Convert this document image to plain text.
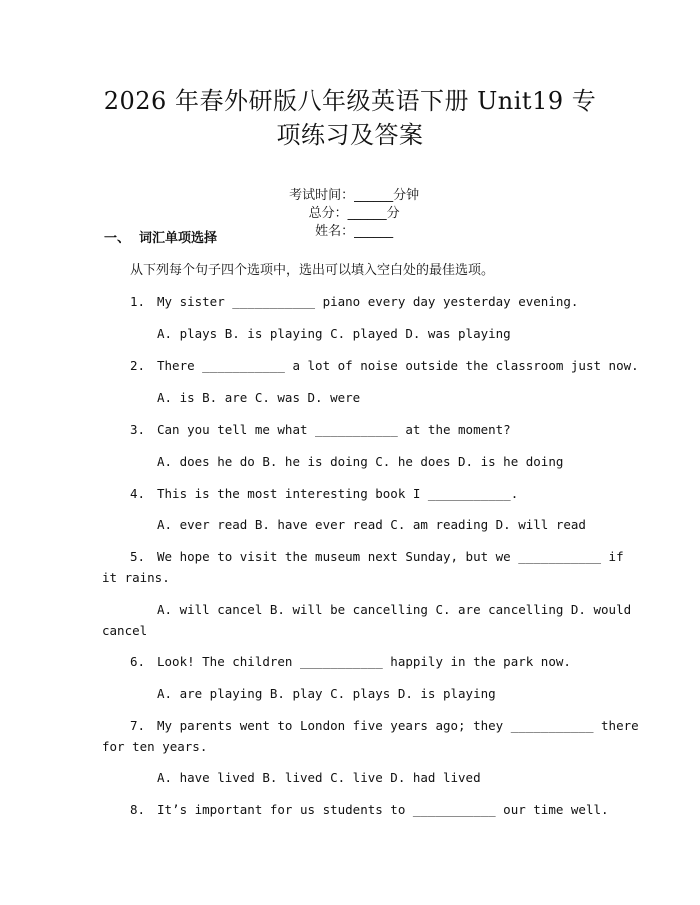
2026 年春外研版八年级英语下册 Unit19 专
项练习及答案

考试时间：______分钟
总分：______分
姓名：______

一、  词汇单项选择
从下列每个句子四个选项中，选出可以填入空白处的最佳选项。
1. My sister ___________ piano every day yesterday evening.
A. plays B. is playing C. played D. was playing
2. There ___________ a lot of noise outside the classroom just now.
A. is B. are C. was D. were
3. Can you tell me what ___________ at the moment?
A. does he do B. he is doing C. he does D. is he doing
4. This is the most interesting book I ___________.
A. ever read B. have ever read C. am reading D. will read
5. We hope to visit the museum next Sunday, but we ___________ if
it rains.
A. will cancel B. will be cancelling C. are cancelling D. would
cancel
6. Look! The children ___________ happily in the park now.
A. are playing B. play C. plays D. is playing
7. My parents went to London five years ago; they ___________ there
for ten years.
A. have lived B. lived C. live D. had lived
8. It’s important for us students to ___________ our time well.
